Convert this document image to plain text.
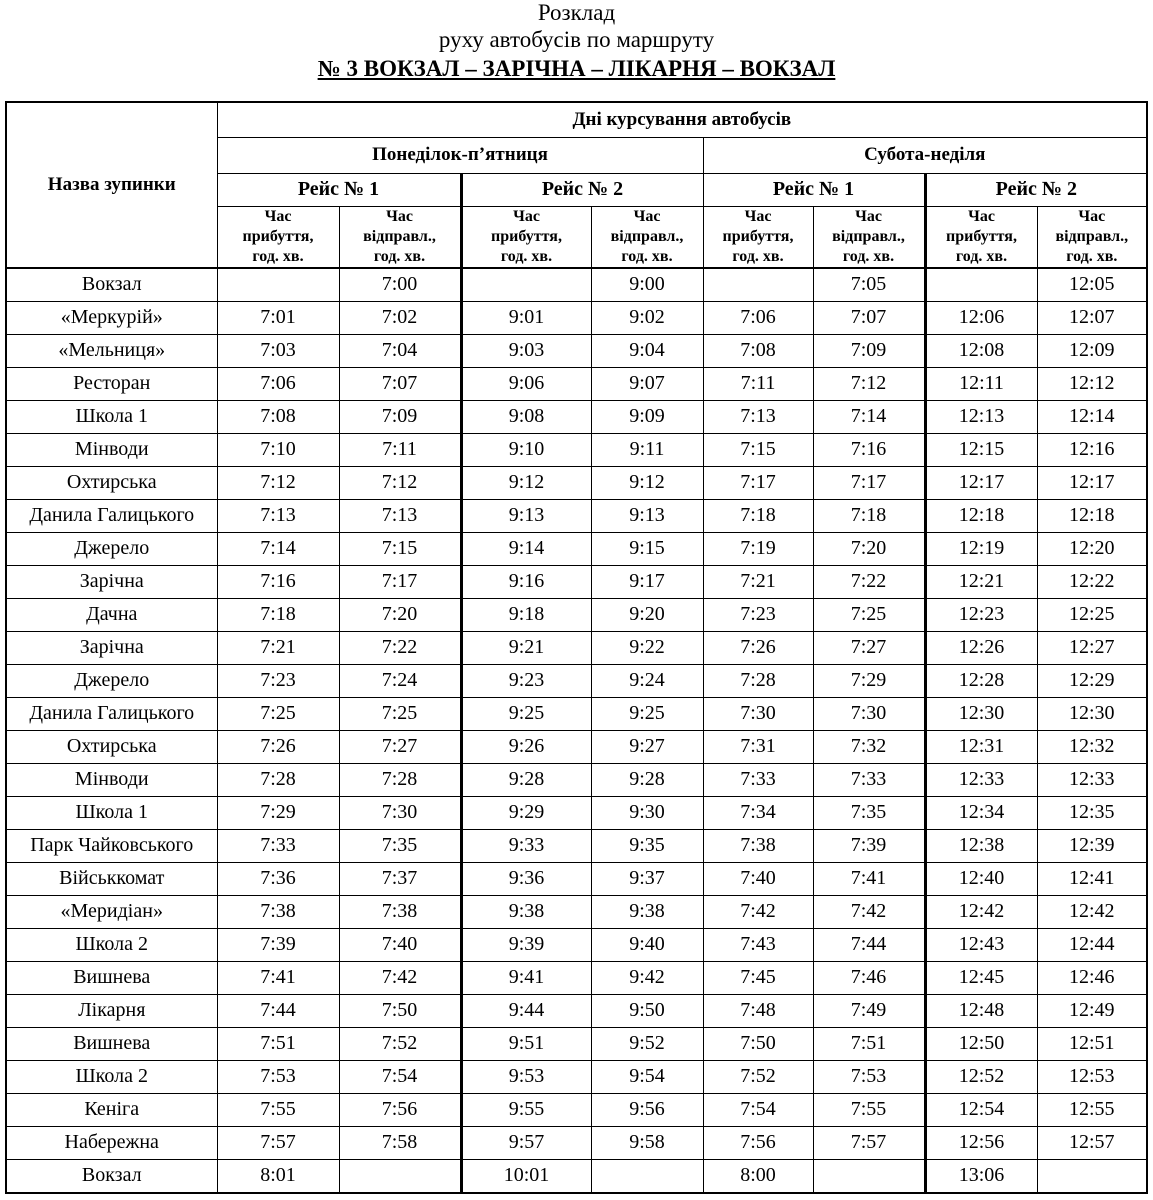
Розклад
руху автобусів по маршруту
№ 3 ВОКЗАЛ – ЗАРІЧНА – ЛІКАРНЯ – ВОКЗАЛ
Назва зупинки	Дні курсування автобусів							
	Понеділок-п’ятниця				Субота-неділя			
	Рейс № 1		Рейс № 2		Рейс № 1		Рейс № 2	
	Час
прибуття,
год. хв.	Час
відправл.,
год. хв.	Час
прибуття,
год. хв.	Час
відправл.,
год. хв.	Час
прибуття,
год. хв.	Час
відправл.,
год. хв.	Час
прибуття,
год. хв.	Час
відправл.,
год. хв.
Вокзал		7:00		9:00		7:05		12:05
«Меркурій»	7:01	7:02	9:01	9:02	7:06	7:07	12:06	12:07
«Мельниця»	7:03	7:04	9:03	9:04	7:08	7:09	12:08	12:09
Ресторан	7:06	7:07	9:06	9:07	7:11	7:12	12:11	12:12
Школа 1	7:08	7:09	9:08	9:09	7:13	7:14	12:13	12:14
Мінводи	7:10	7:11	9:10	9:11	7:15	7:16	12:15	12:16
Охтирська	7:12	7:12	9:12	9:12	7:17	7:17	12:17	12:17
Данила Галицького	7:13	7:13	9:13	9:13	7:18	7:18	12:18	12:18
Джерело	7:14	7:15	9:14	9:15	7:19	7:20	12:19	12:20
Зарічна	7:16	7:17	9:16	9:17	7:21	7:22	12:21	12:22
Дачна	7:18	7:20	9:18	9:20	7:23	7:25	12:23	12:25
Зарічна	7:21	7:22	9:21	9:22	7:26	7:27	12:26	12:27
Джерело	7:23	7:24	9:23	9:24	7:28	7:29	12:28	12:29
Данила Галицького	7:25	7:25	9:25	9:25	7:30	7:30	12:30	12:30
Охтирська	7:26	7:27	9:26	9:27	7:31	7:32	12:31	12:32
Мінводи	7:28	7:28	9:28	9:28	7:33	7:33	12:33	12:33
Школа 1	7:29	7:30	9:29	9:30	7:34	7:35	12:34	12:35
Парк Чайковського	7:33	7:35	9:33	9:35	7:38	7:39	12:38	12:39
Військкомат	7:36	7:37	9:36	9:37	7:40	7:41	12:40	12:41
«Меридіан»	7:38	7:38	9:38	9:38	7:42	7:42	12:42	12:42
Школа 2	7:39	7:40	9:39	9:40	7:43	7:44	12:43	12:44
Вишнева	7:41	7:42	9:41	9:42	7:45	7:46	12:45	12:46
Лікарня	7:44	7:50	9:44	9:50	7:48	7:49	12:48	12:49
Вишнева	7:51	7:52	9:51	9:52	7:50	7:51	12:50	12:51
Школа 2	7:53	7:54	9:53	9:54	7:52	7:53	12:52	12:53
Кеніга	7:55	7:56	9:55	9:56	7:54	7:55	12:54	12:55
Набережна	7:57	7:58	9:57	9:58	7:56	7:57	12:56	12:57
Вокзал	8:01		10:01		8:00		13:06	
